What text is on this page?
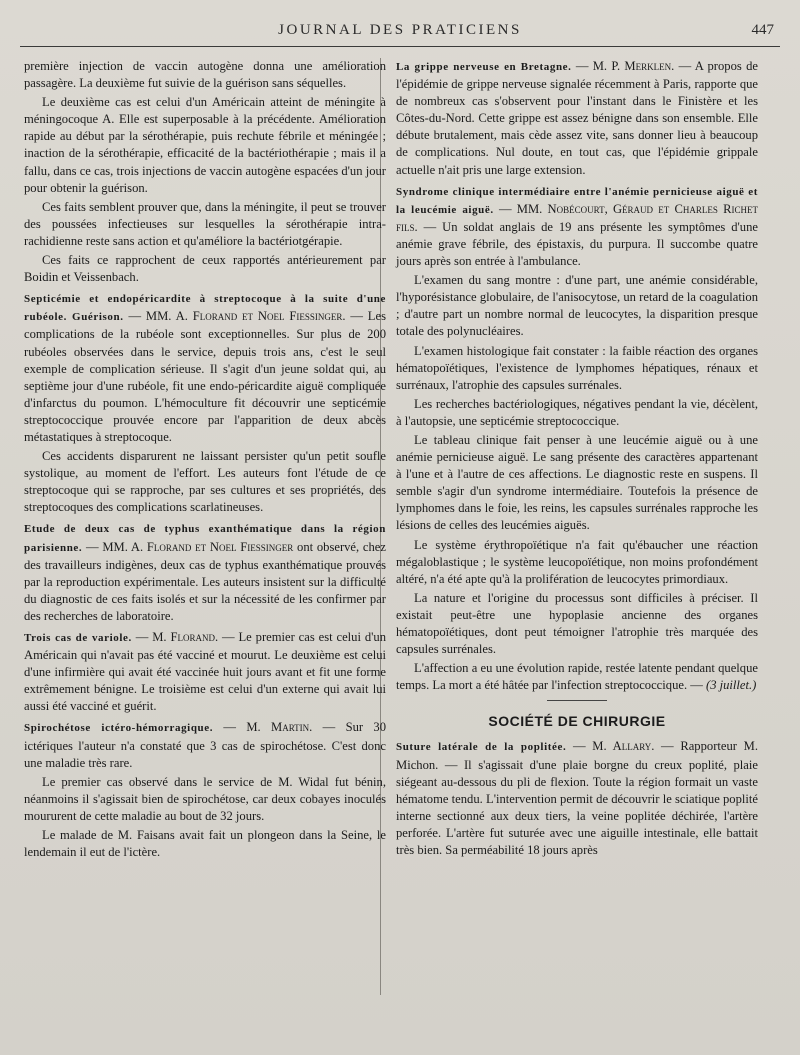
JOURNAL DES PRATICIENS	447

première injection de vaccin autogène donna une amélioration passagère. La deuxième fut suivie de la guérison sans séquelles.

Le deuxième cas est celui d'un Américain atteint de méningite à méningocoque A. Elle est superposable à la précédente. Amélioration rapide au début par la sérothérapie, puis rechute fébrile et méningée ; inaction de la sérothérapie, efficacité de la bactériothérapie ; mais il a fallu, dans ce cas, trois injections de vaccin autogène espacées d'un jour pour obtenir la guérison.

Ces faits semblent prouver que, dans la méningite, il peut se trouver des poussées infectieuses sur lesquelles la sérothérapie intra-rachidienne reste sans action et qu'améliore la bactériotgérapie.

Ces faits ce rapprochent de ceux rapportés antérieurement par Boidin et Veissenbach.

Septicémie et endopéricardite à streptocoque à la suite d'une rubéole. Guérison. — MM. A. Florand et Noel Fiessinger. — Les complications de la rubéole sont exceptionnelles. Sur plus de 200 rubéoles observées dans le service, depuis trois ans, c'est le seul exemple de complication sérieuse. Il s'agit d'un jeune soldat qui, au septième jour d'une rubéole, fit une endo-péricardite aiguë compliquée d'infarctus du poumon. L'hémoculture fit découvrir une septicémie streptococcique prouvée encore par l'apparition de deux abcès métastatiques à streptocoque.

Ces accidents disparurent ne laissant persister qu'un petit soufle systolique, au moment de l'effort. Les auteurs font l'étude de ce streptocoque qui se rapproche, par ses cultures et ses propriétés, des streptocoques des complications scarlatineuses.

Etude de deux cas de typhus exanthématique dans la région parisienne. — MM. A. Florand et Noel Fiessinger ont observé, chez des travailleurs indigènes, deux cas de typhus exanthématique prouvés par la reproduction expérimentale. Les auteurs insistent sur la difficulté du diagnostic de ces faits isolés et sur la nécessité de les confirmer par des recherches de laboratoire.

Trois cas de variole. — M. Florand. — Le premier cas est celui d'un Américain qui n'avait pas été vacciné et mourut. Le deuxième est celui d'une infirmière qui avait été vaccinée huit jours avant et fit une forme extrêmement bénigne. Le troisième est celui d'un externe qui avait lui aussi été vacciné et guérit.

Spirochétose ictéro-hémorragique. — M. Martin. — Sur 30 ictériques l'auteur n'a constaté que 3 cas de spirochétose. C'est donc une maladie très rare.

Le premier cas observé dans le service de M. Widal fut bénin, néanmoins il s'agissait bien de spirochétose, car deux cobayes inoculés moururent de cette maladie au bout de 32 jours.

Le malade de M. Faisans avait fait un plongeon dans la Seine, le lendemain il eut de l'ictère.

La grippe nerveuse en Bretagne. — M. P. Merklen. — A propos de l'épidémie de grippe nerveuse signalée récemment à Paris, rapporte que de nombreux cas s'observent pour l'instant dans le Finistère et les Côtes-du-Nord. Cette grippe est assez bénigne dans son ensemble. Elle débute brutalement, mais cède assez vite, sans donner lieu à beaucoup de complications. Nul doute, en tout cas, que l'épidémie grippale actuelle n'ait pris une large extension.

Syndrome clinique intermédiaire entre l'anémie pernicieuse aiguë et la leucémie aiguë. — MM. Nobécourt, Géraud et Charles Richet fils. — Un soldat anglais de 19 ans présente les symptômes d'une anémie grave fébrile, des épistaxis, du purpura. Il succombe quatre jours après son entrée à l'ambulance.

L'examen du sang montre : d'une part, une anémie considérable, l'hyporésistance globulaire, de l'anisocytose, un retard de la coagulation ; d'autre part un nombre normal de leucocytes, la disparition presque totale des polynucléaires.

L'examen histologique fait constater : la faible réaction des organes hématopoïétiques, l'existence de lymphomes hépatiques, rénaux et surrénaux, l'atrophie des capsules surrénales.

Les recherches bactériologiques, négatives pendant la vie, décèlent, à l'autopsie, une septicémie streptococcique.

Le tableau clinique fait penser à une leucémie aiguë ou à une anémie pernicieuse aiguë. Le sang présente des caractères appartenant à l'une et à l'autre de ces affections. Le diagnostic reste en suspens. Il semble s'agir d'un syndrome intermédiaire. Toutefois la présence de lymphomes dans le foie, les reins, les capsules surrénales rapproche les lésions de celles des leucémies aiguës.

Le système érythropoïétique n'a fait qu'ébaucher une réaction mégaloblastique ; le système leucopoïétique, non moins profondément altéré, n'a été apte qu'à la prolifération de leucocytes primordiaux.

La nature et l'origine du processus sont difficiles à préciser. Il existait peut-être une hypoplasie ancienne des organes hématopoïétiques, dont peut témoigner l'atrophie très marquée des capsules surrénales.

L'affection a eu une évolution rapide, restée latente pendant quelque temps. La mort a été hâtée par l'infection streptococcique. — (3 juillet.)

SOCIÉTÉ DE CHIRURGIE

Suture latérale de la poplitée. — M. Allary. — Rapporteur M. Michon. — Il s'agissait d'une plaie borgne du creux poplité, plaie siégeant au-dessous du pli de flexion. Toute la région formait un vaste hématome tendu. L'intervention permit de découvrir le sciatique poplité interne sectionné aux deux tiers, la veine poplitée déchirée, l'artère perforée. L'artère fut suturée avec une aiguille intestinale, elle battait très bien. Sa perméabilité 18 jours après
